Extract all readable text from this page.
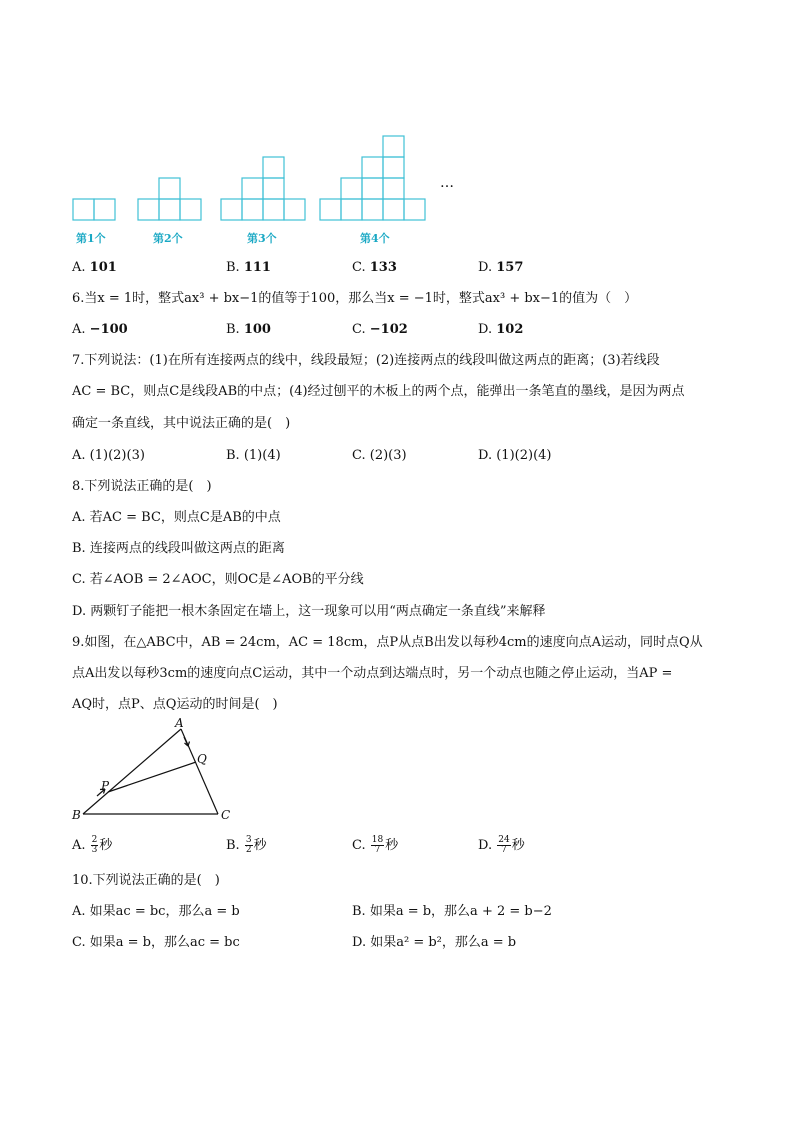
…
第1个	第2个	第3个	第4个
A. 101	B. 111	C. 133	D. 157
6.当x = 1时，整式ax³ + bx−1的值等于100，那么当x = −1时，整式ax³ + bx−1的值为（　）
A. −100	B. 100	C. −102	D. 102
7.下列说法：(1)在所有连接两点的线中，线段最短；(2)连接两点的线段叫做这两点的距离；(3)若线段
AC = BC，则点C是线段AB的中点；(4)经过刨平的木板上的两个点，能弹出一条笔直的墨线，是因为两点
确定一条直线，其中说法正确的是(　)
A. (1)(2)(3)	B. (1)(4)	C. (2)(3)	D. (1)(2)(4)
8.下列说法正确的是(　)
A. 若AC = BC，则点C是AB的中点
B. 连接两点的线段叫做这两点的距离
C. 若∠AOB = 2∠AOC，则OC是∠AOB的平分线
D. 两颗钉子能把一根木条固定在墙上，这一现象可以用“两点确定一条直线”来解释
9.如图，在△ABC中，AB = 24cm，AC = 18cm，点P从点B出发以每秒4cm的速度向点A运动，同时点Q从
点A出发以每秒3cm的速度向点C运动，其中一个动点到达端点时，另一个动点也随之停止运动，当AP =
AQ时，点P、点Q运动的时间是(　)
A
B	C
P
Q
A. $\frac{2}{3}$ 秒	B. $\frac{3}{2}$ 秒	C. $\frac{18}{7}$ 秒	D. $\frac{24}{7}$ 秒
10.下列说法正确的是(　)
A. 如果ac = bc，那么a = b	B. 如果a = b，那么a + 2 = b−2
C. 如果a = b，那么ac = bc	D. 如果a² = b²，那么a = b
